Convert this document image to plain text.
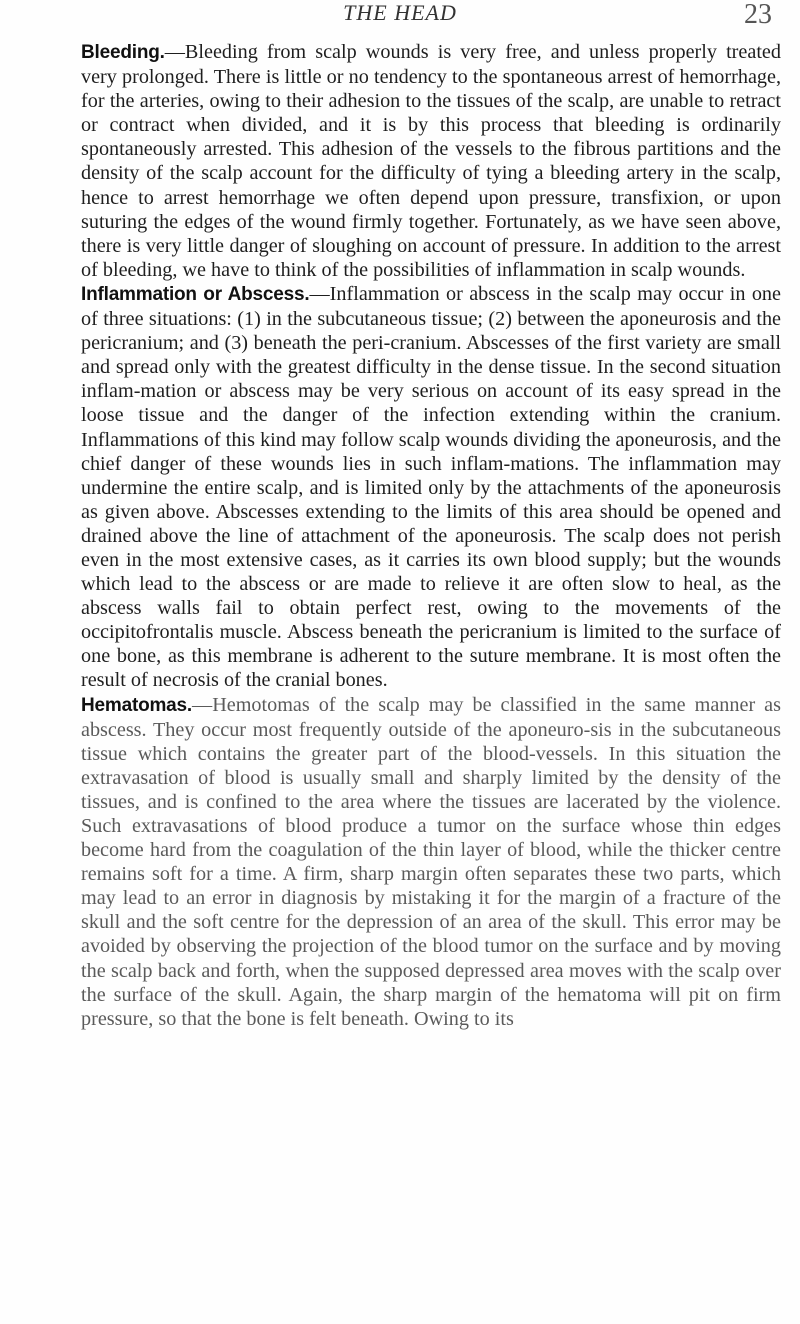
THE HEAD	23

Bleeding.—Bleeding from scalp wounds is very free, and unless properly treated very prolonged. There is little or no tendency to the spontaneous arrest of hemorrhage, for the arteries, owing to their adhesion to the tissues of the scalp, are unable to retract or contract when divided, and it is by this process that bleeding is ordinarily spontaneously arrested. This adhesion of the vessels to the fibrous partitions and the density of the scalp account for the difficulty of tying a bleeding artery in the scalp, hence to arrest hemorrhage we often depend upon pressure, transfixion, or upon suturing the edges of the wound firmly together. Fortunately, as we have seen above, there is very little danger of sloughing on account of pressure. In addition to the arrest of bleeding, we have to think of the possibilities of inflammation in scalp wounds.

Inflammation or Abscess.—Inflammation or abscess in the scalp may occur in one of three situations: (1) in the subcutaneous tissue; (2) between the aponeurosis and the pericranium; and (3) beneath the peri-cranium. Abscesses of the first variety are small and spread only with the greatest difficulty in the dense tissue. In the second situation inflam-mation or abscess may be very serious on account of its easy spread in the loose tissue and the danger of the infection extending within the cranium. Inflammations of this kind may follow scalp wounds dividing the aponeurosis, and the chief danger of these wounds lies in such inflam-mations. The inflammation may undermine the entire scalp, and is limited only by the attachments of the aponeurosis as given above. Abscesses extending to the limits of this area should be opened and drained above the line of attachment of the aponeurosis. The scalp does not perish even in the most extensive cases, as it carries its own blood supply; but the wounds which lead to the abscess or are made to relieve it are often slow to heal, as the abscess walls fail to obtain perfect rest, owing to the movements of the occipitofrontalis muscle. Abscess beneath the pericranium is limited to the surface of one bone, as this membrane is adherent to the suture membrane. It is most often the result of necrosis of the cranial bones.

Hematomas.—Hemotomas of the scalp may be classified in the same manner as abscess. They occur most frequently outside of the aponeuro-sis in the subcutaneous tissue which contains the greater part of the blood-vessels. In this situation the extravasation of blood is usually small and sharply limited by the density of the tissues, and is confined to the area where the tissues are lacerated by the violence. Such extravasations of blood produce a tumor on the surface whose thin edges become hard from the coagulation of the thin layer of blood, while the thicker centre remains soft for a time. A firm, sharp margin often separates these two parts, which may lead to an error in diagnosis by mistaking it for the margin of a fracture of the skull and the soft centre for the depression of an area of the skull. This error may be avoided by observing the projection of the blood tumor on the surface and by moving the scalp back and forth, when the supposed depressed area moves with the scalp over the surface of the skull. Again, the sharp margin of the hematoma will pit on firm pressure, so that the bone is felt beneath. Owing to its
